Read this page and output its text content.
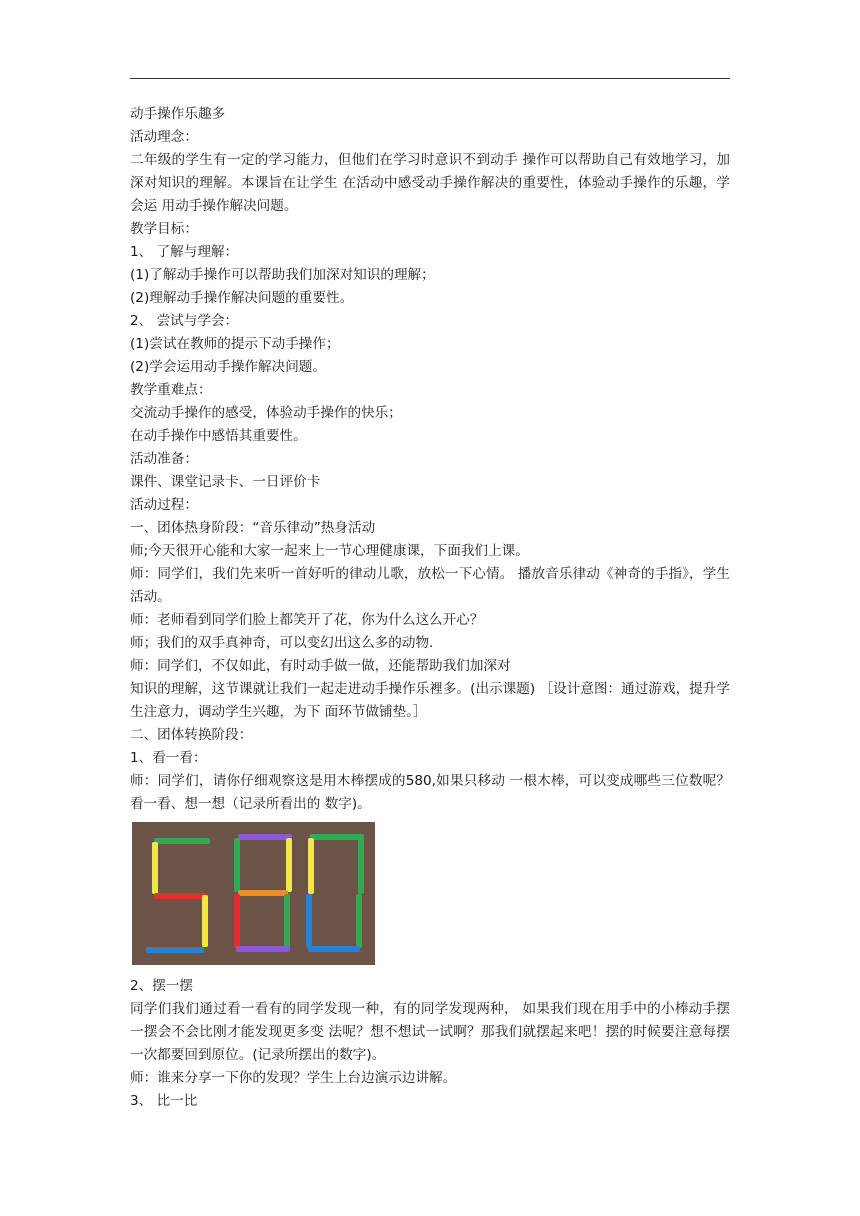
动手操作乐趣多

活动理念：

二年级的学生有一定的学习能力，但他们在学习时意识不到动手 操作可以帮助自己有效地学习，加深对知识的理解。本课旨在让学生 在活动中感受动手操作解决的重要性，体验动手操作的乐趣，学会运 用动手操作解决问题。

教学目标：

1、 了解与理解：

(1)了解动手操作可以帮助我们加深对知识的理解；

(2)理解动手操作解决问题的重要性。

2、 尝试与学会：

(1)尝试在教师的提示下动手操作；

(2)学会运用动手操作解决问题。

教学重难点：

交流动手操作的感受，体验动手操作的快乐；

在动手操作中感悟其重要性。

活动准备：

课件、课堂记录卡、一日评价卡

活动过程：

一、团体热身阶段：“音乐律动”热身活动

师;今天很开心能和大家一起来上一节心理健康课，下面我们上课。

师：同学们，我们先来听一首好听的律动儿歌，放松一下心情。 播放音乐律动《神奇的手指》，学生活动。

师：老师看到同学们脸上都笑开了花，你为什么这么开心？

师；我们的双手真神奇，可以变幻出这么多的动物.

师：同学们，不仅如此，有时动手做一做，还能帮助我们加深对

知识的理解，这节课就让我们一起走进动手操作乐裡多。(出示课题) ［设计意图：通过游戏，提升学生注意力，调动学生兴趣，为下 面环节做铺垫。］

二、团体转换阶段：

1、看一看：

师：同学们，请你仔细观察这是用木棒摆成的580,如果只移动 一根木棒，可以变成哪些三位数呢？看一看、想一想（记录所看出的 数字)。

2、摆一摆

同学们我们通过看一看有的同学发现一种，有的同学发现两种， 如果我们现在用手中的小棒动手摆一摆会不会比刚才能发现更多变 法呢？想不想试一试啊？那我们就摆起来吧！摆的时候要注意每摆 一次都要回到原位。(记录所摆出的数字)。

师：谁来分享一下你的发现？学生上台边演示边讲解。

3、 比一比
